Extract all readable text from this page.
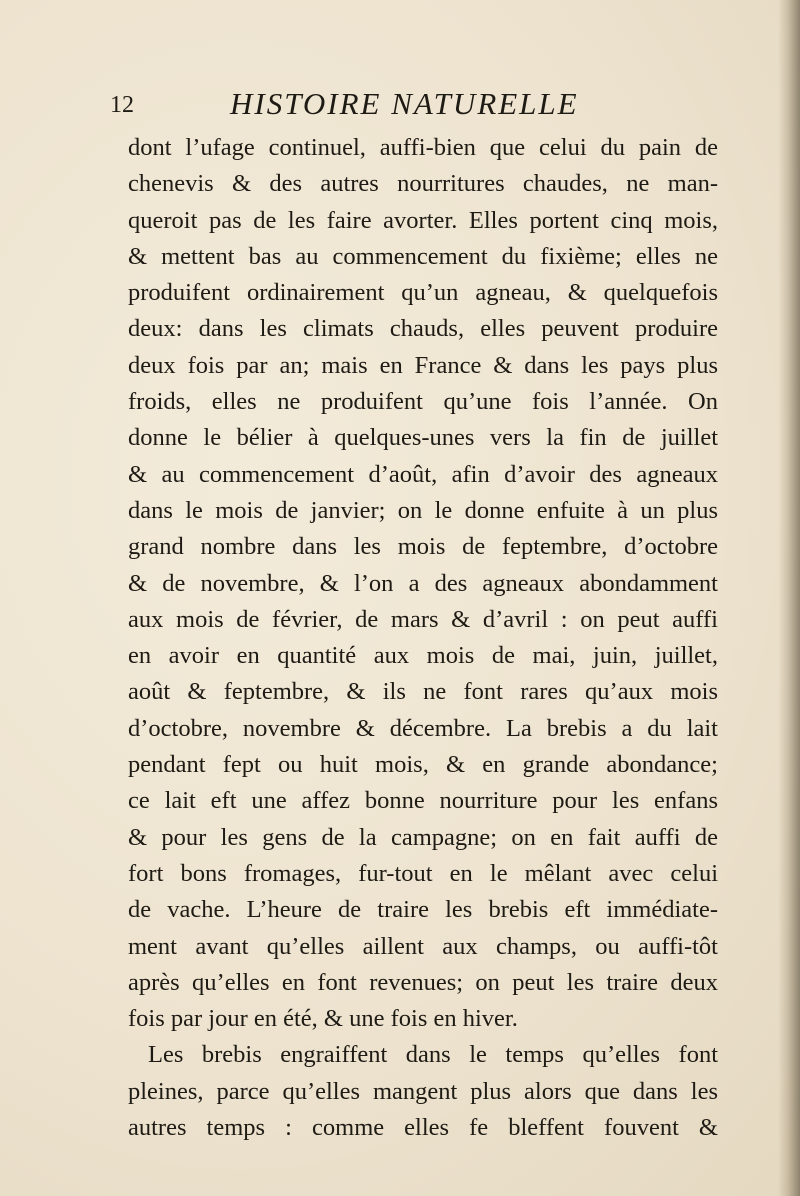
12	HISTOIRE NATURELLE
dont l’ufage continuel, auffi-bien que celui du pain de
chenevis & des autres nourritures chaudes, ne man-
queroit pas de les faire avorter. Elles portent cinq mois,
& mettent bas au commencement du fixième; elles ne
produifent ordinairement qu’un agneau, & quelquefois
deux: dans les climats chauds, elles peuvent produire
deux fois par an; mais en France & dans les pays plus
froids, elles ne produifent qu’une fois l’année. On
donne le bélier à quelques-unes vers la fin de juillet
& au commencement d’août, afin d’avoir des agneaux
dans le mois de janvier; on le donne enfuite à un plus
grand nombre dans les mois de feptembre, d’octobre
& de novembre, & l’on a des agneaux abondamment
aux mois de février, de mars & d’avril : on peut auffi
en avoir en quantité aux mois de mai, juin, juillet,
août & feptembre, & ils ne font rares qu’aux mois
d’octobre, novembre & décembre. La brebis a du lait
pendant fept ou huit mois, & en grande abondance;
ce lait eft une affez bonne nourriture pour les enfans
& pour les gens de la campagne; on en fait auffi de
fort bons fromages, fur-tout en le mêlant avec celui
de vache. L’heure de traire les brebis eft immédiate-
ment avant qu’elles aillent aux champs, ou auffi-tôt
après qu’elles en font revenues; on peut les traire deux
fois par jour en été, & une fois en hiver.
Les brebis engraiffent dans le temps qu’elles font
pleines, parce qu’elles mangent plus alors que dans les
autres temps : comme elles fe bleffent fouvent &
